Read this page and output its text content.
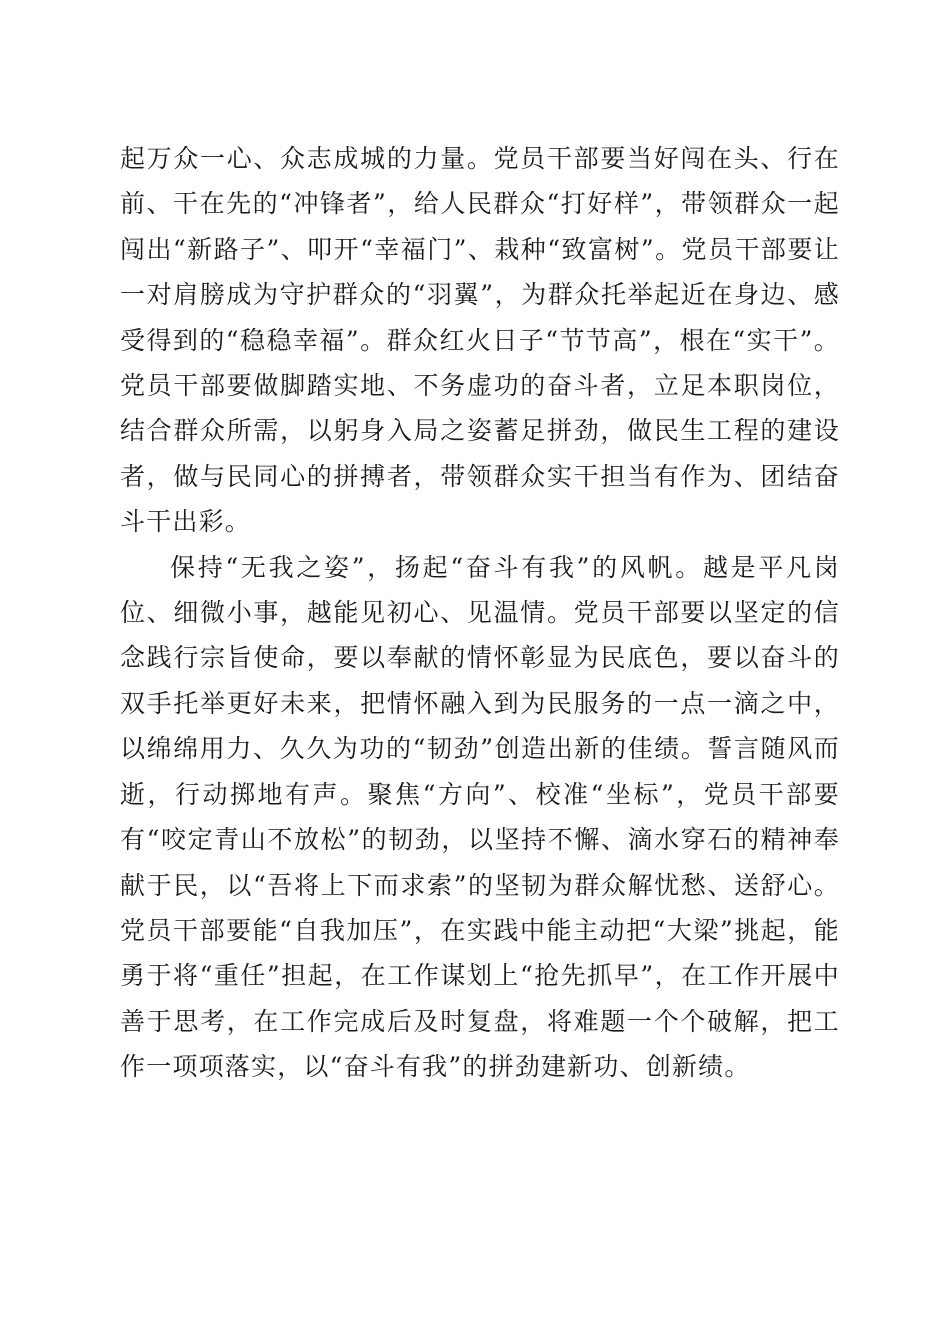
起万众一心、众志成城的力量。党员干部要当好闯在头、行在前、干在先的“冲锋者”，给人民群众“打好样”，带领群众一起闯出“新路子”、叩开“幸福门”、栽种“致富树”。党员干部要让一对肩膀成为守护群众的“羽翼”，为群众托举起近在身边、感受得到的“稳稳幸福”。群众红火日子“节节高”，根在“实干”。党员干部要做脚踏实地、不务虚功的奋斗者，立足本职岗位，结合群众所需，以躬身入局之姿蓄足拼劲，做民生工程的建设者，做与民同心的拼搏者，带领群众实干担当有作为、团结奋斗干出彩。

保持“无我之姿”，扬起“奋斗有我”的风帆。越是平凡岗位、细微小事，越能见初心、见温情。党员干部要以坚定的信念践行宗旨使命，要以奉献的情怀彰显为民底色，要以奋斗的双手托举更好未来，把情怀融入到为民服务的一点一滴之中，以绵绵用力、久久为功的“韧劲”创造出新的佳绩。誓言随风而逝，行动掷地有声。聚焦“方向”、校准“坐标”，党员干部要有“咬定青山不放松”的韧劲，以坚持不懈、滴水穿石的精神奉献于民，以“吾将上下而求索”的坚韧为群众解忧愁、送舒心。党员干部要能“自我加压”，在实践中能主动把“大梁”挑起，能勇于将“重任”担起，在工作谋划上“抢先抓早”，在工作开展中善于思考，在工作完成后及时复盘，将难题一个个破解，把工作一项项落实，以“奋斗有我”的拼劲建新功、创新绩。
